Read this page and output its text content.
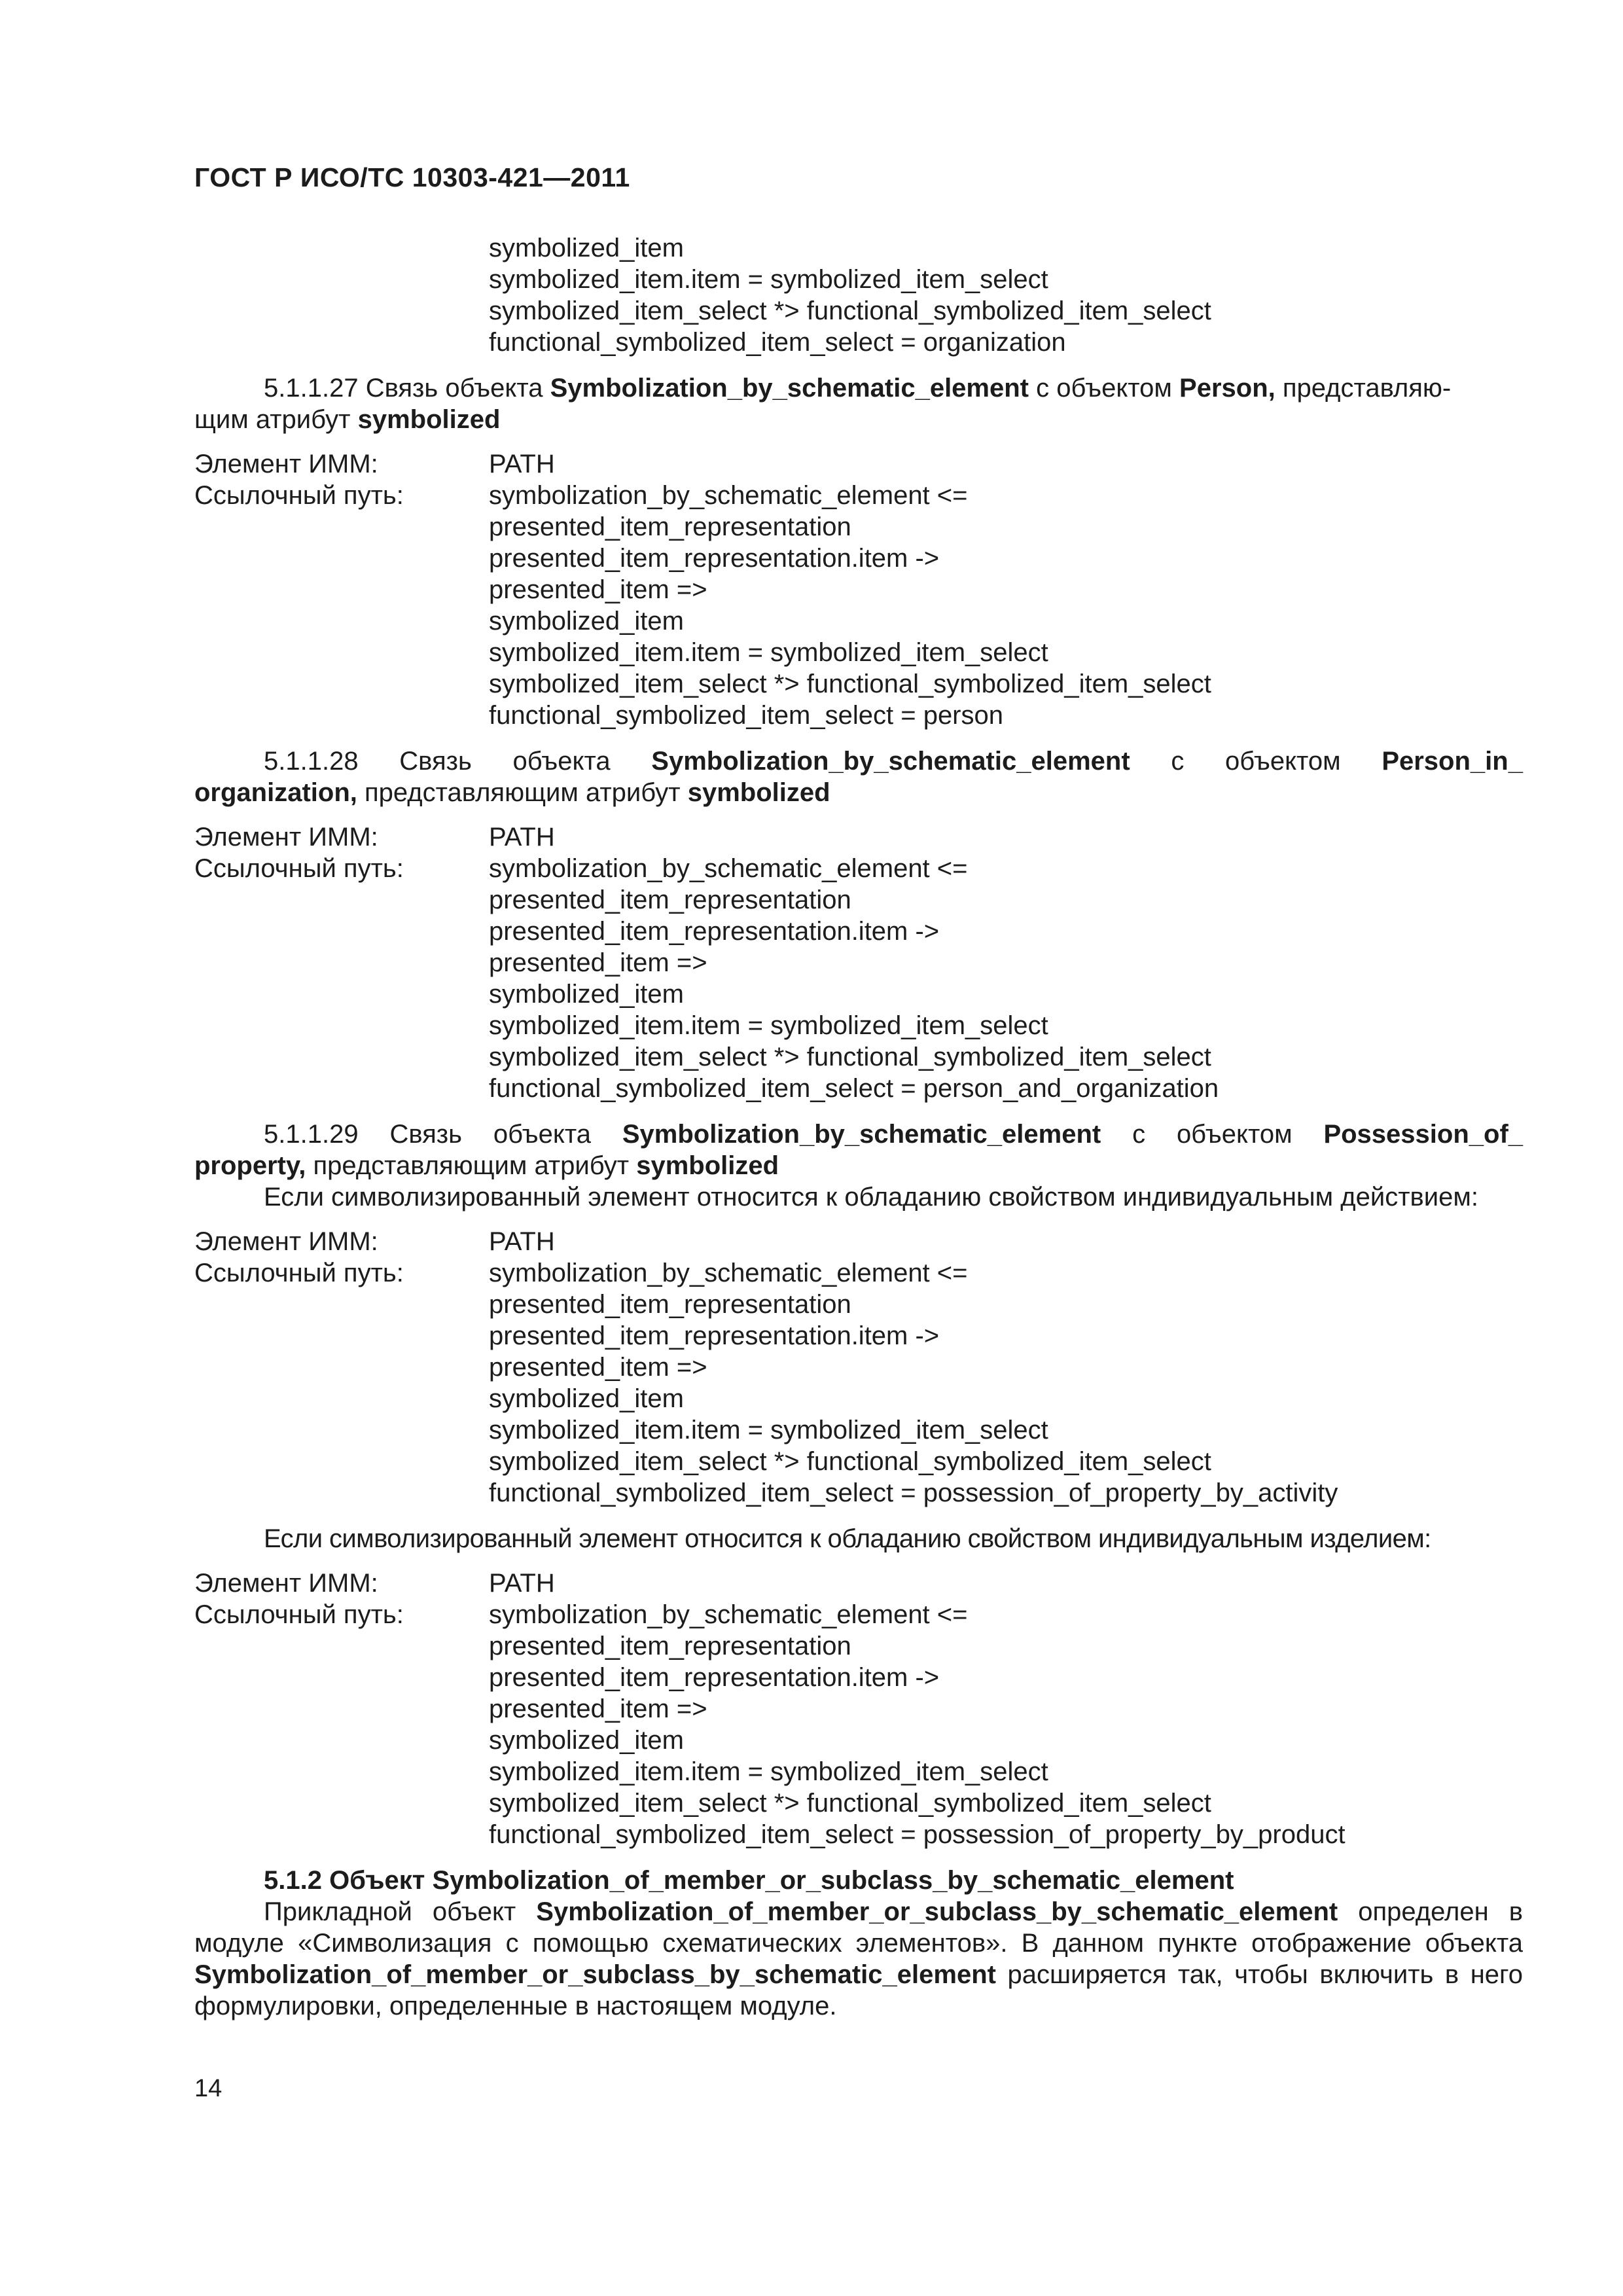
ГОСТ Р ИСО/ТС 10303-421—2011
symbolized_item
symbolized_item.item = symbolized_item_select
symbolized_item_select *> functional_symbolized_item_select
functional_symbolized_item_select = organization
5.1.1.27 Связь объекта Symbolization_by_schematic_element с объектом Person, представляю-
щим атрибут symbolized
Элемент ИММ:	PATH
Ссылочный путь:	symbolization_by_schematic_element <=
presented_item_representation
presented_item_representation.item ->
presented_item =>
symbolized_item
symbolized_item.item = symbolized_item_select
symbolized_item_select *> functional_symbolized_item_select
functional_symbolized_item_select = person
5.1.1.28 Связь объекта Symbolization_by_schematic_element с объектом Person_in_
organization, представляющим атрибут symbolized
Элемент ИММ:	PATH
Ссылочный путь:	symbolization_by_schematic_element <=
presented_item_representation
presented_item_representation.item ->
presented_item =>
symbolized_item
symbolized_item.item = symbolized_item_select
symbolized_item_select *> functional_symbolized_item_select
functional_symbolized_item_select = person_and_organization
5.1.1.29 Связь объекта Symbolization_by_schematic_element с объектом Possession_of_
property, представляющим атрибут symbolized
Если символизированный элемент относится к обладанию свойством индивидуальным действием:
Элемент ИММ:	PATH
Ссылочный путь:	symbolization_by_schematic_element <=
presented_item_representation
presented_item_representation.item ->
presented_item =>
symbolized_item
symbolized_item.item = symbolized_item_select
symbolized_item_select *> functional_symbolized_item_select
functional_symbolized_item_select = possession_of_property_by_activity
Если символизированный элемент относится к обладанию свойством индивидуальным изделием:
Элемент ИММ:	PATH
Ссылочный путь:	symbolization_by_schematic_element <=
presented_item_representation
presented_item_representation.item ->
presented_item =>
symbolized_item
symbolized_item.item = symbolized_item_select
symbolized_item_select *> functional_symbolized_item_select
functional_symbolized_item_select = possession_of_property_by_product
5.1.2 Объект Symbolization_of_member_or_subclass_by_schematic_element
Прикладной объект Symbolization_of_member_or_subclass_by_schematic_element определен в модуле «Символизация с помощью схематических элементов». В данном пункте отображение объекта Symbolization_of_member_or_subclass_by_schematic_element расширяется так, чтобы включить в него формулировки, определенные в настоящем модуле.
14
